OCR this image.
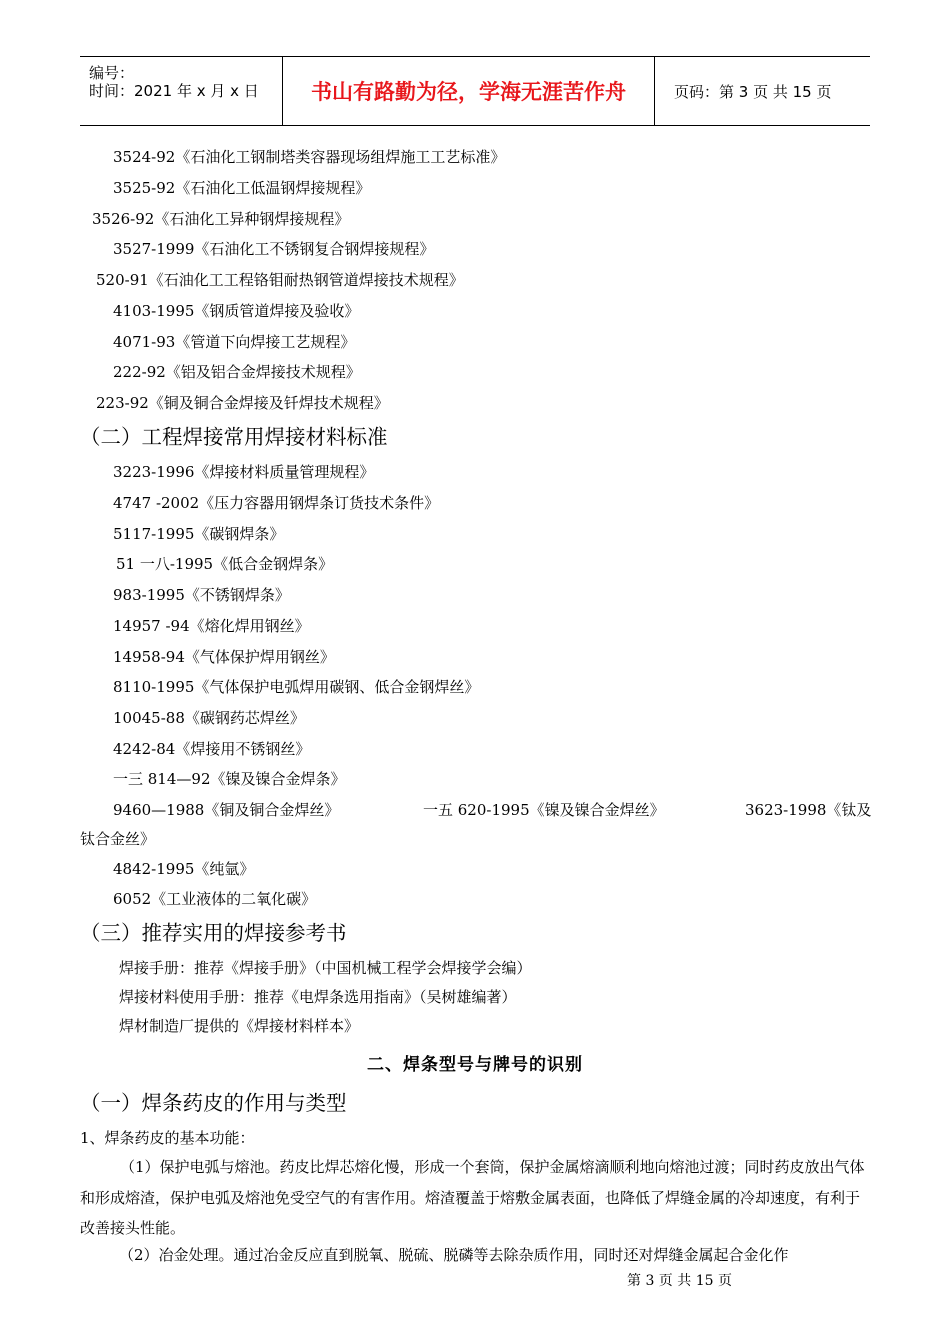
编号：
时间：2021 年 x 月 x 日	书山有路勤为径，学海无涯苦作舟	页码：第 3 页 共 15 页
3524-92《石油化工钢制塔类容器现场组焊施工工艺标准》
3525-92《石油化工低温钢焊接规程》
3526-92《石油化工异种钢焊接规程》
3527-1999《石油化工不锈钢复合钢焊接规程》
520-91《石油化工工程铬钼耐热钢管道焊接技术规程》
4103-1995《钢质管道焊接及验收》
4071-93《管道下向焊接工艺规程》
222-92《铝及铝合金焊接技术规程》
223-92《铜及铜合金焊接及钎焊技术规程》
（二）工程焊接常用焊接材料标准
3223-1996《焊接材料质量管理规程》
4747 -2002《压力容器用钢焊条订货技术条件》
5117-1995《碳钢焊条》
51 一八-1995《低合金钢焊条》
983-1995《不锈钢焊条》
14957 -94《熔化焊用钢丝》
14958-94《气体保护焊用钢丝》
8110-1995《气体保护电弧焊用碳钢、低合金钢焊丝》
10045-88《碳钢药芯焊丝》
4242-84《焊接用不锈钢丝》
一三 814—92《镍及镍合金焊条》
9460—1988《铜及铜合金焊丝》	一五 620-1995《镍及镍合金焊丝》	3623-1998《钛及
钛合金丝》
4842-1995《纯氩》
6052《工业液体的二氧化碳》
（三）推荐实用的焊接参考书
焊接手册：推荐《焊接手册》（中国机械工程学会焊接学会编）
焊接材料使用手册：推荐《电焊条选用指南》（吴树雄编著）
焊材制造厂提供的《焊接材料样本》
二、焊条型号与牌号的识别
（一）焊条药皮的作用与类型
1、焊条药皮的基本功能：
（1）保护电弧与熔池。药皮比焊芯熔化慢，形成一个套筒，保护金属熔滴顺利地向熔池过渡；同时药皮放出气体和形成熔渣，保护电弧及熔池免受空气的有害作用。熔渣覆盖于熔敷金属表面，也降低了焊缝金属的冷却速度，有利于改善接头性能。
（2）冶金处理。通过冶金反应直到脱氧、脱硫、脱磷等去除杂质作用，同时还对焊缝金属起合金化作
第 3 页 共 15 页
